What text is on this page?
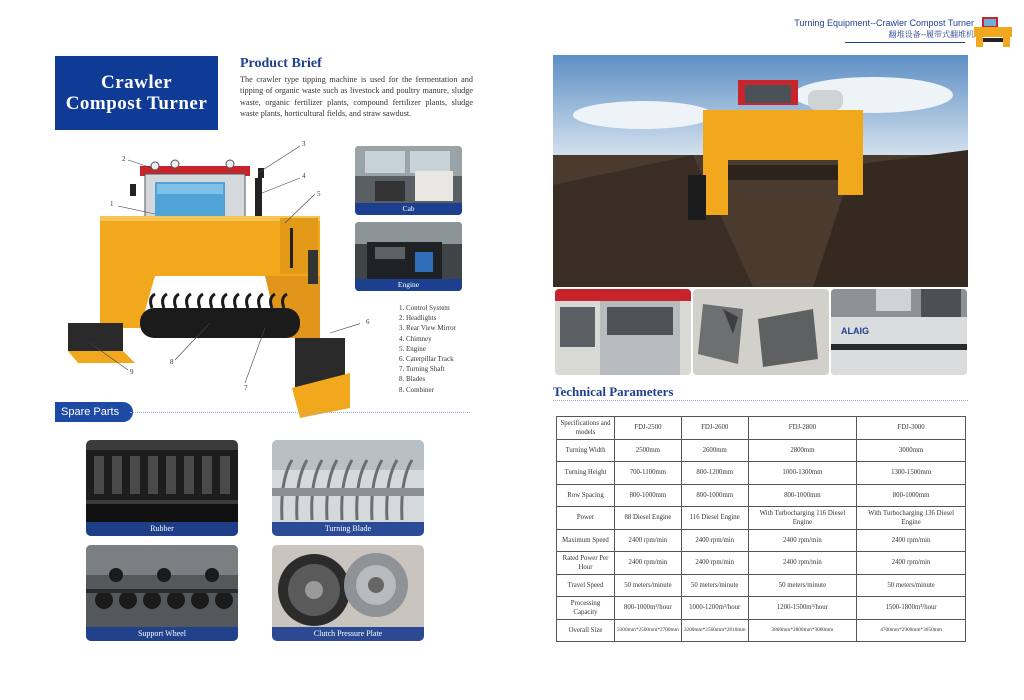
Turning Equipment--Crawler Compost Turner
翻堆设备--履带式翻堆机
Crawler
Compost Turner
Product Brief
The crawler type tipping machine is used for the fermentation and tipping of organic waste such as livestock and poultry manure, sludge waste, organic fertilizer plants, compound fertilizer plants, sludge waste plants, horticultural fields, and straw sawdust.
1
2
3
4
5
6
7
8
9
Cab
Engine
1. Control System
2. Headlights
3. Rear View Mirror
4. Chimney
5. Engine
6. Caterpillar Track
7. Turning Shaft
8. Blades
8. Combiner
Spare Parts
Rubber	Turning Blade
Support Wheel	Clutch Pressure Plate
ALAIG
Technical Parameters
Specifications and models	FDJ-2500	FDJ-2600	FDJ-2800	FDJ-3000
Turning Width	2500mm	2600mm	2800mm	3000mm
Turning Height	700-1100mm	800-1200mm	1000-1300mm	1300-1500mm
Row Spacing	800-1000mm	800-1000mm	800-1000mm	800-1000mm
Power	88 Diesel Engine	116 Diesel Engine	With Turbocharging 116 Diesel Engine	With Turbocharging 136 Diesel Engine
Maximum Speed	2400 rpm/min	2400 rpm/min	2400 rpm/min	2400 rpm/min
Rated Power Per Hour	2400 rpm/min	2400 rpm/min	2400 rpm/min	2400 rpm/min
Travel Speed	50 meters/minute	50 meters/minute	50 meters/minute	50 meters/minute
Processing Capacity	800-1000m³/hour	1000-1200m³/hour	1200-1500m³/hour	1500-1800m³/hour
Overall Size	3300mm*2500mm*2700mm	3200mm*2560mm*2810mm	3800mm*2800mm*3000mm	4700mm*2900mm*3050mm
